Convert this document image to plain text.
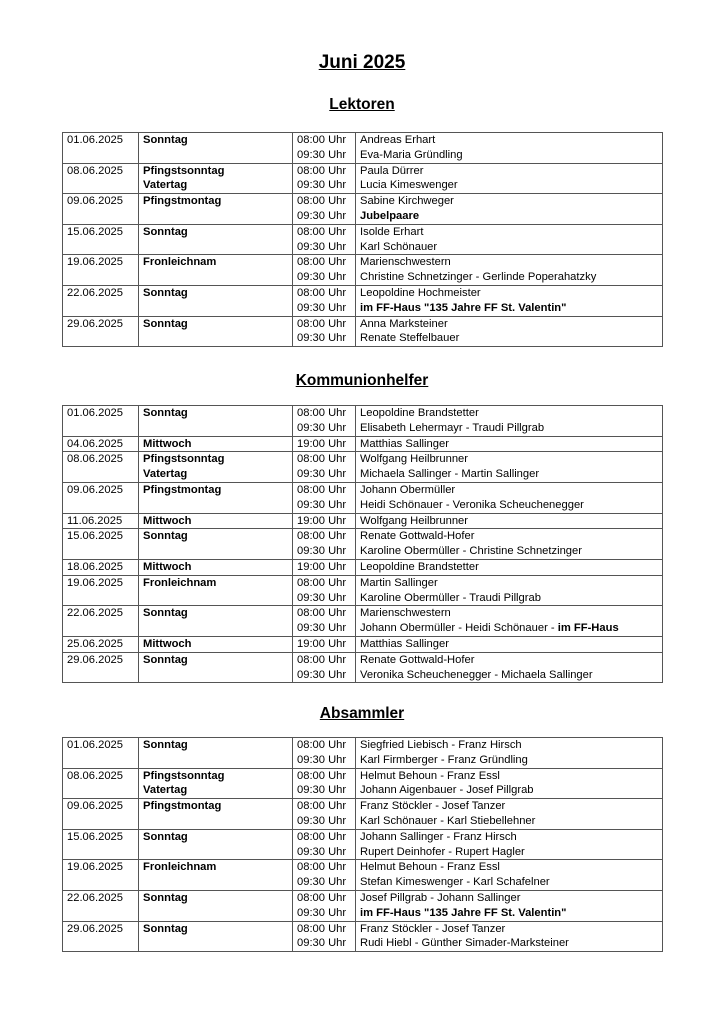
Juni 2025
Lektoren
01.06.2025	Sonntag	08:00 Uhr	Andreas Erhart
		09:30 Uhr	Eva-Maria Gründling
08.06.2025	Pfingstsonntag	08:00 Uhr	Paula Dürrer
	Vatertag	09:30 Uhr	Lucia Kimeswenger
09.06.2025	Pfingstmontag	08:00 Uhr	Sabine Kirchweger
		09:30 Uhr	Jubelpaare
15.06.2025	Sonntag	08:00 Uhr	Isolde Erhart
		09:30 Uhr	Karl Schönauer
19.06.2025	Fronleichnam	08:00 Uhr	Marienschwestern
		09:30 Uhr	Christine Schnetzinger - Gerlinde Poperahatzky
22.06.2025	Sonntag	08:00 Uhr	Leopoldine Hochmeister
		09:30 Uhr	im FF-Haus "135 Jahre FF St. Valentin"
29.06.2025	Sonntag	08:00 Uhr	Anna Marksteiner
		09:30 Uhr	Renate Steffelbauer
Kommunionhelfer
01.06.2025	Sonntag	08:00 Uhr	Leopoldine Brandstetter
		09:30 Uhr	Elisabeth Lehermayr - Traudi Pillgrab
04.06.2025	Mittwoch	19:00 Uhr	Matthias Sallinger
08.06.2025	Pfingstsonntag	08:00 Uhr	Wolfgang Heilbrunner
	Vatertag	09:30 Uhr	Michaela Sallinger - Martin Sallinger
09.06.2025	Pfingstmontag	08:00 Uhr	Johann Obermüller
		09:30 Uhr	Heidi Schönauer - Veronika Scheuchenegger
11.06.2025	Mittwoch	19:00 Uhr	Wolfgang Heilbrunner
15.06.2025	Sonntag	08:00 Uhr	Renate Gottwald-Hofer
		09:30 Uhr	Karoline Obermüller - Christine Schnetzinger
18.06.2025	Mittwoch	19:00 Uhr	Leopoldine Brandstetter
19.06.2025	Fronleichnam	08:00 Uhr	Martin Sallinger
		09:30 Uhr	Karoline Obermüller - Traudi Pillgrab
22.06.2025	Sonntag	08:00 Uhr	Marienschwestern
		09:30 Uhr	Johann Obermüller - Heidi Schönauer - im FF-Haus
25.06.2025	Mittwoch	19:00 Uhr	Matthias Sallinger
29.06.2025	Sonntag	08:00 Uhr	Renate Gottwald-Hofer
		09:30 Uhr	Veronika Scheuchenegger - Michaela Sallinger
Absammler
01.06.2025	Sonntag	08:00 Uhr	Siegfried Liebisch - Franz Hirsch
		09:30 Uhr	Karl Firmberger - Franz Gründling
08.06.2025	Pfingstsonntag	08:00 Uhr	Helmut Behoun - Franz Essl
	Vatertag	09:30 Uhr	Johann Aigenbauer - Josef Pillgrab
09.06.2025	Pfingstmontag	08:00 Uhr	Franz Stöckler - Josef Tanzer
		09:30 Uhr	Karl Schönauer - Karl Stiebellehner
15.06.2025	Sonntag	08:00 Uhr	Johann Sallinger - Franz Hirsch
		09:30 Uhr	Rupert Deinhofer - Rupert Hagler
19.06.2025	Fronleichnam	08:00 Uhr	Helmut Behoun - Franz Essl
		09:30 Uhr	Stefan Kimeswenger - Karl Schafelner
22.06.2025	Sonntag	08:00 Uhr	Josef Pillgrab - Johann Sallinger
		09:30 Uhr	im FF-Haus "135 Jahre FF St. Valentin"
29.06.2025	Sonntag	08:00 Uhr	Franz Stöckler - Josef Tanzer
		09:30 Uhr	Rudi Hiebl - Günther Simader-Marksteiner
